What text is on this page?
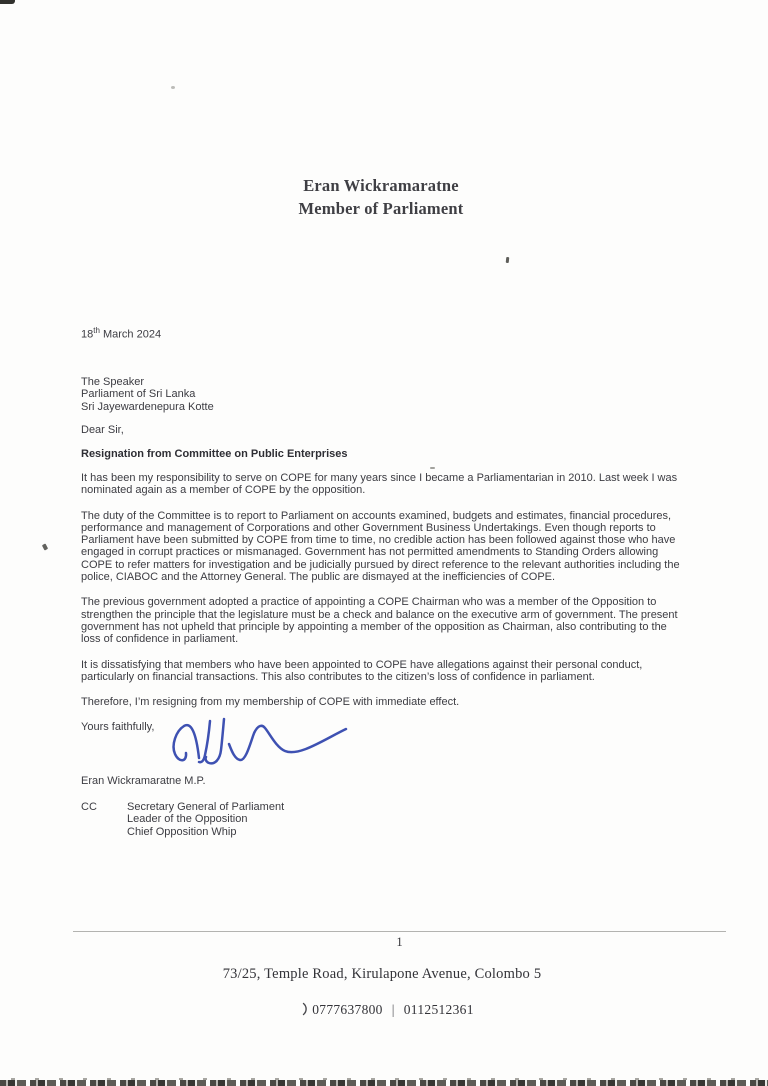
Eran Wickramaratne
Member of Parliament
18th March 2024
The Speaker
Parliament of Sri Lanka
Sri Jayewardenepura Kotte
Dear Sir,
Resignation from Committee on Public Enterprises

It has been my responsibility to serve on COPE for many years since I became a Parliamentarian in 2010. Last week I was nominated again as a member of COPE by the opposition.

The duty of the Committee is to report to Parliament on accounts examined, budgets and estimates, financial procedures, performance and management of Corporations and other Government Business Undertakings. Even though reports to Parliament have been submitted by COPE from time to time, no credible action has been followed against those who have engaged in corrupt practices or mismanaged. Government has not permitted amendments to Standing Orders allowing COPE to refer matters for investigation and be judicially pursued by direct reference to the relevant authorities including the police, CIABOC and the Attorney General. The public are dismayed at the inefficiencies of COPE.

The previous government adopted a practice of appointing a COPE Chairman who was a member of the Opposition to strengthen the principle that the legislature must be a check and balance on the executive arm of government. The present government has not upheld that principle by appointing a member of the opposition as Chairman, also contributing to the loss of confidence in parliament.

It is dissatisfying that members who have been appointed to COPE have allegations against their personal conduct, particularly on financial transactions. This also contributes to the citizen’s loss of confidence in parliament.

Therefore, I’m resigning from my membership of COPE with immediate effect.

Yours faithfully,
Eran Wickramaratne M.P.
CC	Secretary General of Parliament
Leader of the Opposition
Chief Opposition Whip
1
73/25, Temple Road, Kirulapone Avenue, Colombo 5
0777637800 | 0112512361
